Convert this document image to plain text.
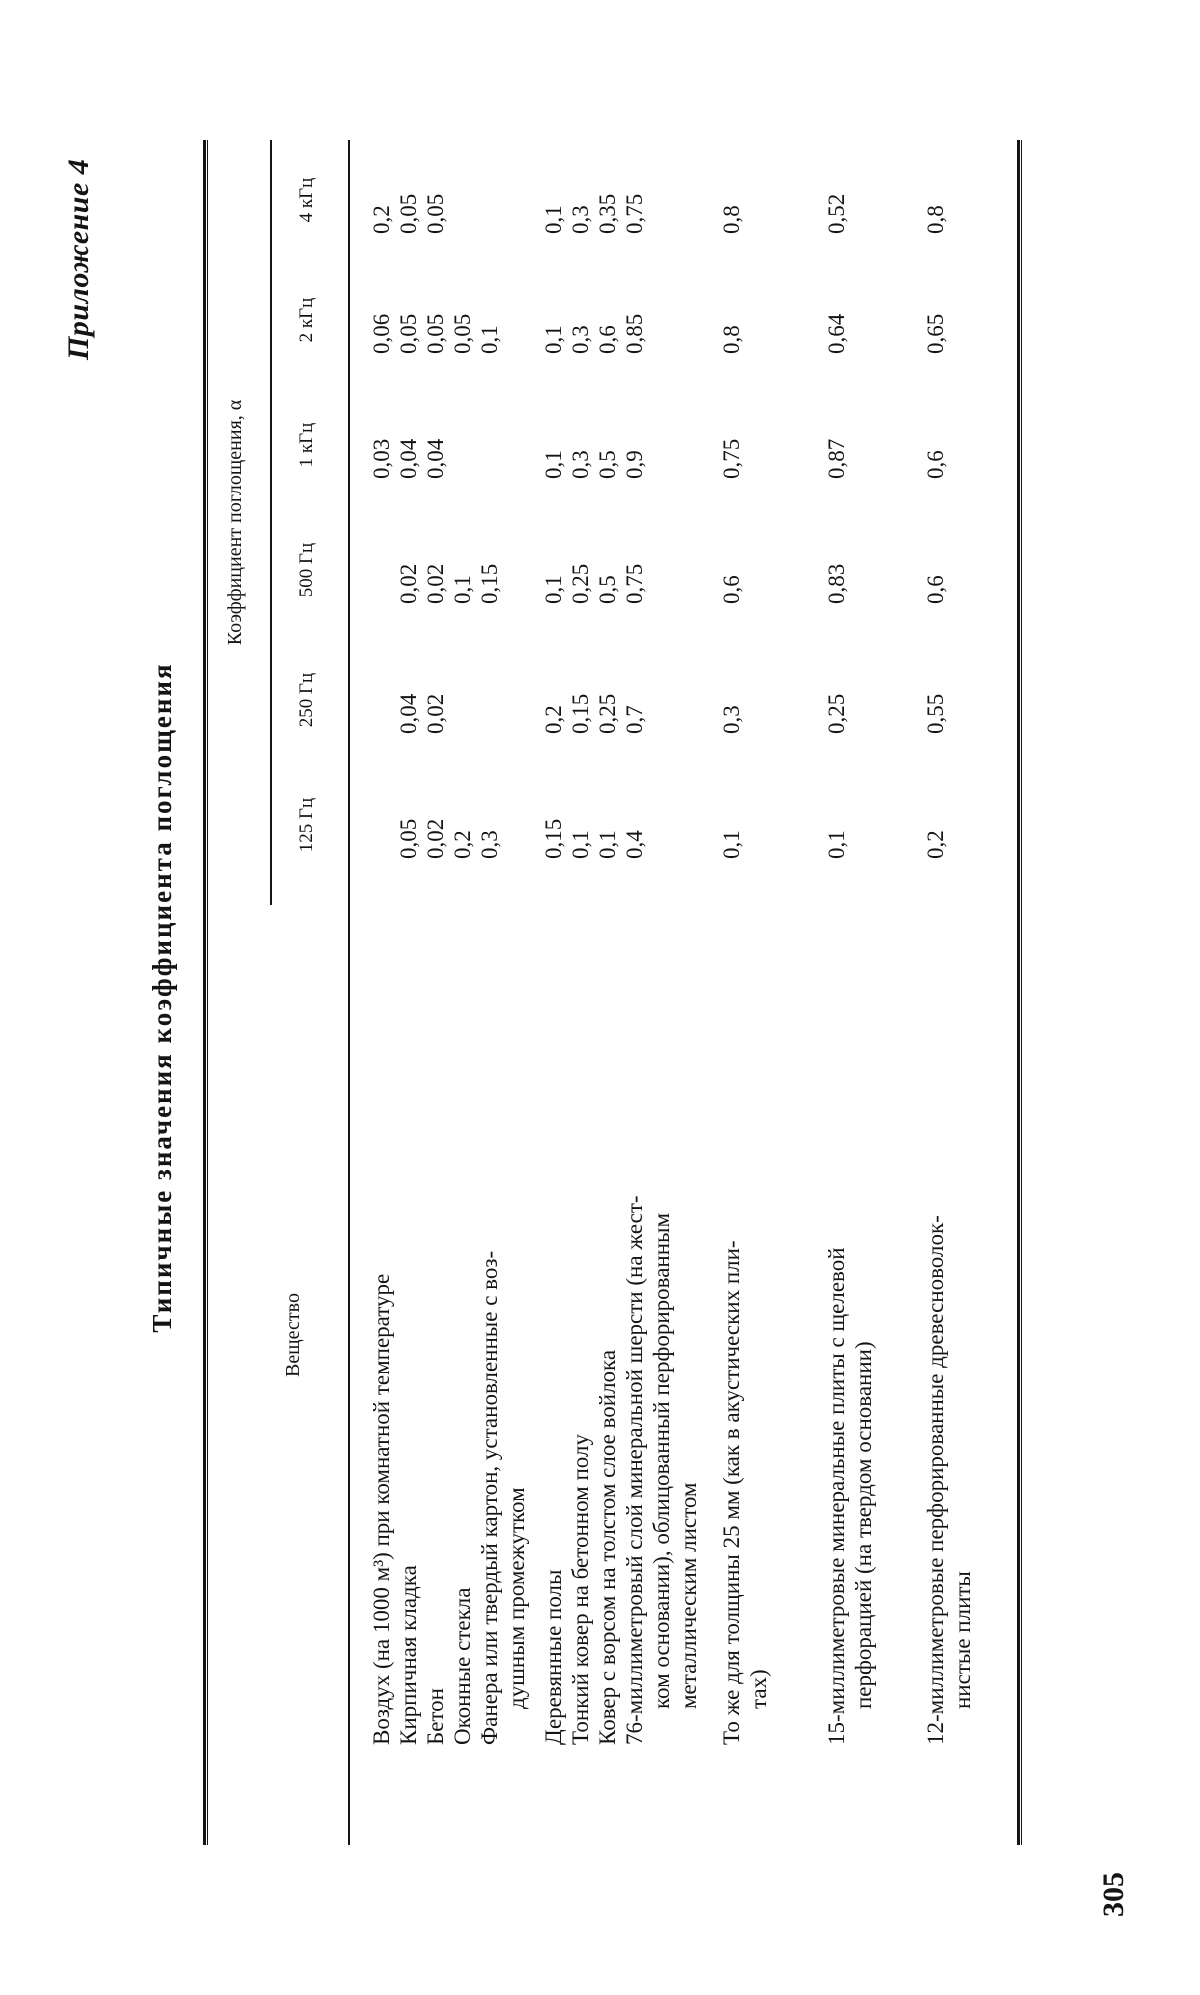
Приложение 4
Типичные значения коэффициента поглощения
305
Вещество
Коэффициент поглощения, α
125 Гц
250 Гц
500 Гц
1 кГц
2 кГц
4 кГц
Воздух (на 1000 м³) при комнатной температуре Кирпичная кладка Бетон Оконные стекла Фанера или твердый картон, установленные с воз- душным промежутком
0,05 0,02 0,2 0,3
0,04 0,02
0,02 0,02 0,1 0,15
0,03 0,04 0,04
0,06 0,05 0,05 0,05 0,1
0,2 0,05 0,05
Деревянные полы Тонкий ковер на бетонном полу Ковер с ворсом на толстом слое войлока 76-миллиметровый слой минеральной шерсти (на жест- ком основании), облицованный перфорированным металлическим листом
0,15 0,1 0,1 0,4
0,2 0,15 0,25 0,7
0,1 0,25 0,5 0,75
0,1 0,3 0,5 0,9
0,1 0,3 0,6 0,85
0,1 0,3 0,35 0,75
То же для толщины 25 мм (как в акустических пли- тах)
0,1
0,3
0,6
0,75
0,8
0,8
15-миллиметровые минеральные плиты с щелевой перфорацией (на твердом основании)
0,1
0,25
0,83
0,87
0,64
0,52
12-миллиметровые перфорированные древесноволок- нистые плиты
0,2
0,55
0,6
0,6
0,65
0,8
